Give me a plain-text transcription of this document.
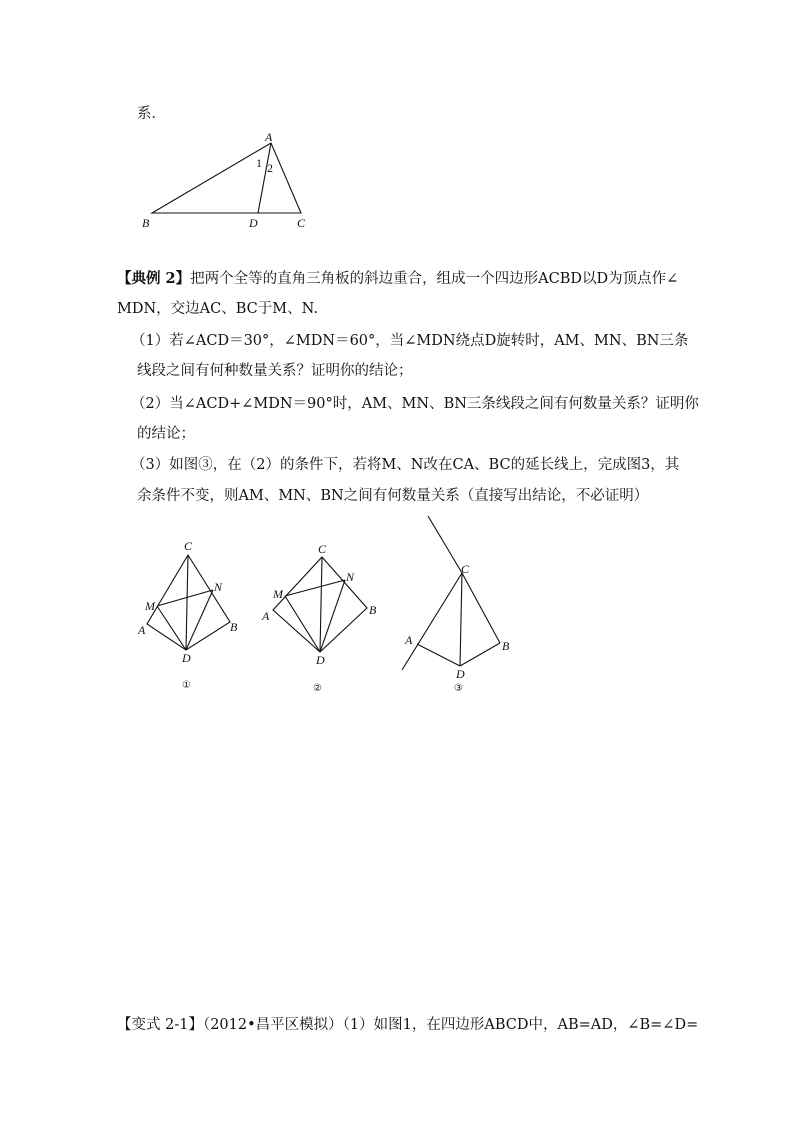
系．
A
1 2
B	D	C
【典例 2】把两个全等的直角三角板的斜边重合，组成一个四边形ACBD以D为顶点作∠
MDN，交边AC、BC于M、N.
（1）若∠ACD＝30°，∠MDN＝60°，当∠MDN绕点D旋转时，AM、MN、BN三条
线段之间有何种数量关系？证明你的结论；
（2）当∠ACD+∠MDN＝90°时，AM、MN、BN三条线段之间有何数量关系？证明你
的结论；
（3）如图③，在（2）的条件下，若将M、N改在CA、BC的延长线上，完成图3，其
余条件不变，则AM、MN、BN之间有何数量关系（直接写出结论，不必证明）
C
N
M
A	B
D
①
C
N
M
A	B
D
②
C
A	B
D
③
【变式 2-1】（2012•昌平区模拟）（1）如图1，在四边形ABCD中，AB=AD，∠B=∠D=
